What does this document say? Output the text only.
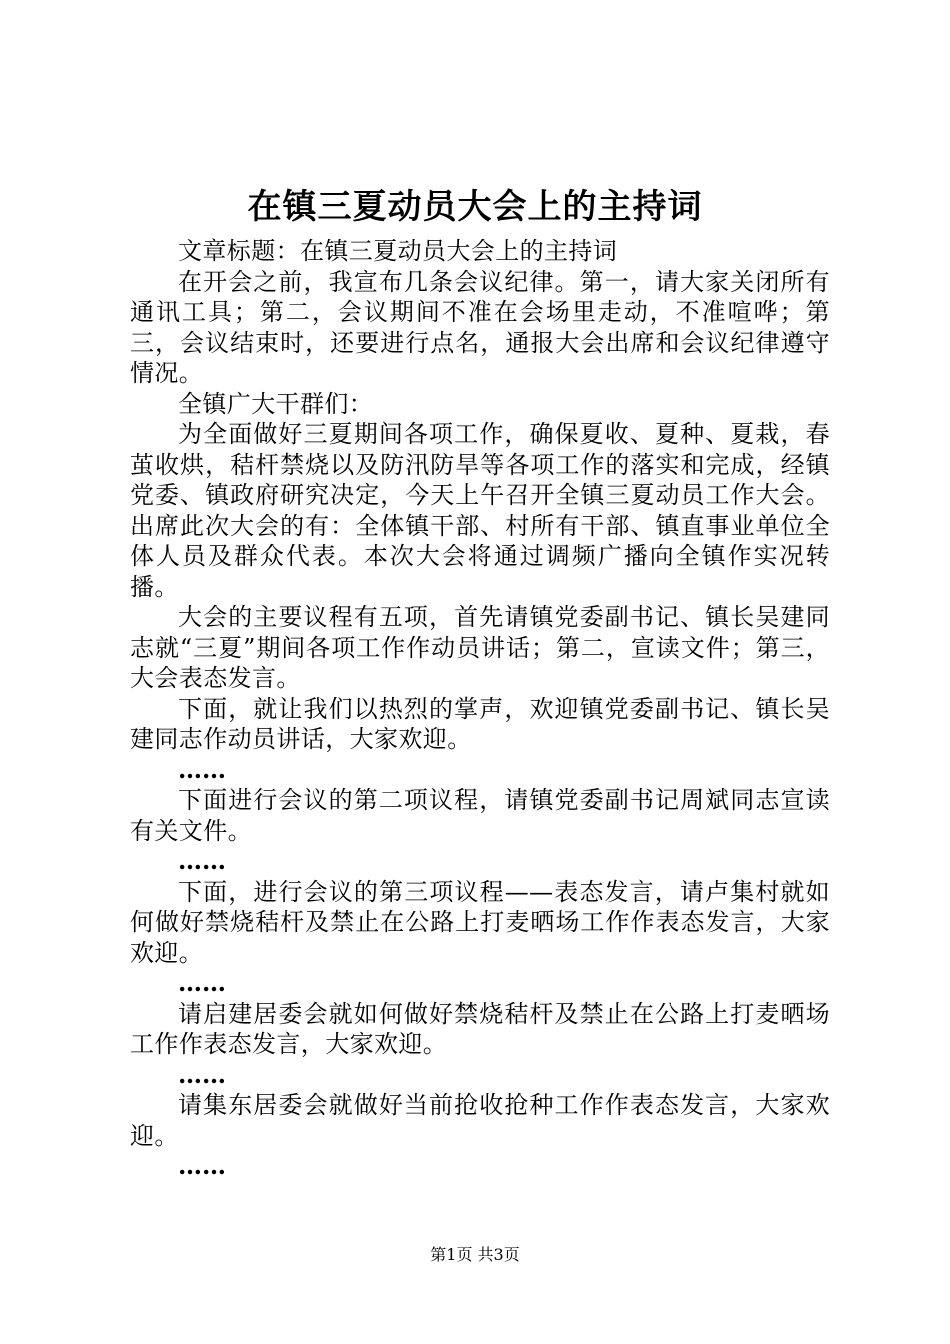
在镇三夏动员大会上的主持词

文章标题：在镇三夏动员大会上的主持词

在开会之前，我宣布几条会议纪律。第一，请大家关闭所有通讯工具；第二，会议期间不准在会场里走动，不准喧哗；第三，会议结束时，还要进行点名，通报大会出席和会议纪律遵守情况。

全镇广大干群们：

为全面做好三夏期间各项工作，确保夏收、夏种、夏栽，春茧收烘，秸杆禁烧以及防汛防旱等各项工作的落实和完成，经镇党委、镇政府研究决定，今天上午召开全镇三夏动员工作大会。出席此次大会的有：全体镇干部、村所有干部、镇直事业单位全体人员及群众代表。本次大会将通过调频广播向全镇作实况转播。

大会的主要议程有五项，首先请镇党委副书记、镇长吴建同志就“三夏”期间各项工作作动员讲话；第二，宣读文件；第三，大会表态发言。

下面，就让我们以热烈的掌声，欢迎镇党委副书记、镇长吴建同志作动员讲话，大家欢迎。

……

下面进行会议的第二项议程，请镇党委副书记周斌同志宣读有关文件。

……

下面，进行会议的第三项议程——表态发言，请卢集村就如何做好禁烧秸杆及禁止在公路上打麦晒场工作作表态发言，大家欢迎。

……

请启建居委会就如何做好禁烧秸杆及禁止在公路上打麦晒场工作作表态发言，大家欢迎。

……

请集东居委会就做好当前抢收抢种工作作表态发言，大家欢迎。

……

第1页 共3页
